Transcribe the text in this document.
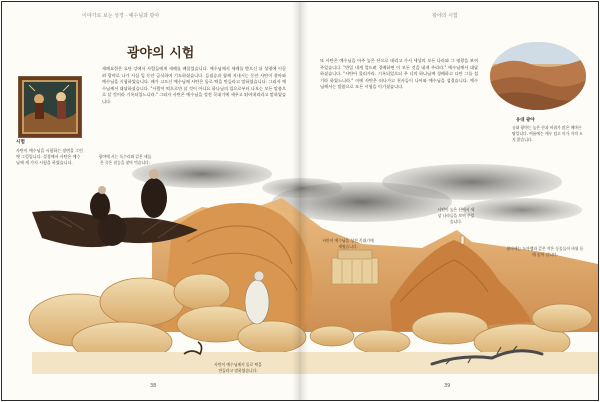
이야기로 보는 성경 · 예수님과 광야	광야의 시험
광야의 시험

세례요한은 요단 강에서 사람들에게 세례를 베풀었습니다. 예수님께서 세례를 받으신 뒤 성령에 이끌려 광야로 나가 사십 일 동안 금식하며 기도하셨습니다. 들짐승과 함께 지내시는 동안 사탄이 찾아와 예수님을 시험하였습니다. 배가 고프신 예수님께 사탄은 돌로 떡을 만들라고 말하였습니다. 그러자 예수님께서 대답하셨습니다. "사람이 떡으로만 살 것이 아니요 하나님의 입으로부터 나오는 모든 말씀으로 살 것이라 기록되었느니라." 그러자 사탄은 예수님을 성전 꼭대기에 세우고 뛰어내리라고 말하였습니다.

또 사탄은 예수님을 아주 높은 산으로 데리고 가서 세상의 모든 나라와 그 영광을 보여 주었습니다. "만일 내게 엎드려 경배하면 이 모든 것을 네게 주리라." 예수님께서 대답하셨습니다. "사탄아 물러가라. 기록되었으되 주 너의 하나님께 경배하고 다만 그를 섬기라 하였느니라." 이에 사탄은 떠나가고 천사들이 나아와 예수님을 섬겼습니다. 예수님께서는 말씀으로 모든 시험을 이기셨습니다.

시험
사탄이 예수님을 시험하는 장면을 그린 옛 그림입니다. 성경에서 사탄은 예수님께 세 가지 시험을 하였습니다.
광야에 사는 독수리와 같은 새들은 죽은 짐승을 찾아 먹습니다.
사탄이 예수님께서 돌로 떡을 만들라고 말하였습니다.
사탄이 예수님을 성전 꼭대기에 세웠습니다.
사탄이 높은 산에서 세상 나라들을 보여 주었습니다.
유대 광야
유대 광야는 높은 산과 바위가 많은 메마른 땅입니다. 여름에는 매우 덥고 비가 거의 오지 않습니다.
광야에는 도마뱀과 같은 작은 동물들이 바위 틈에 숨어 삽니다.
38	39
